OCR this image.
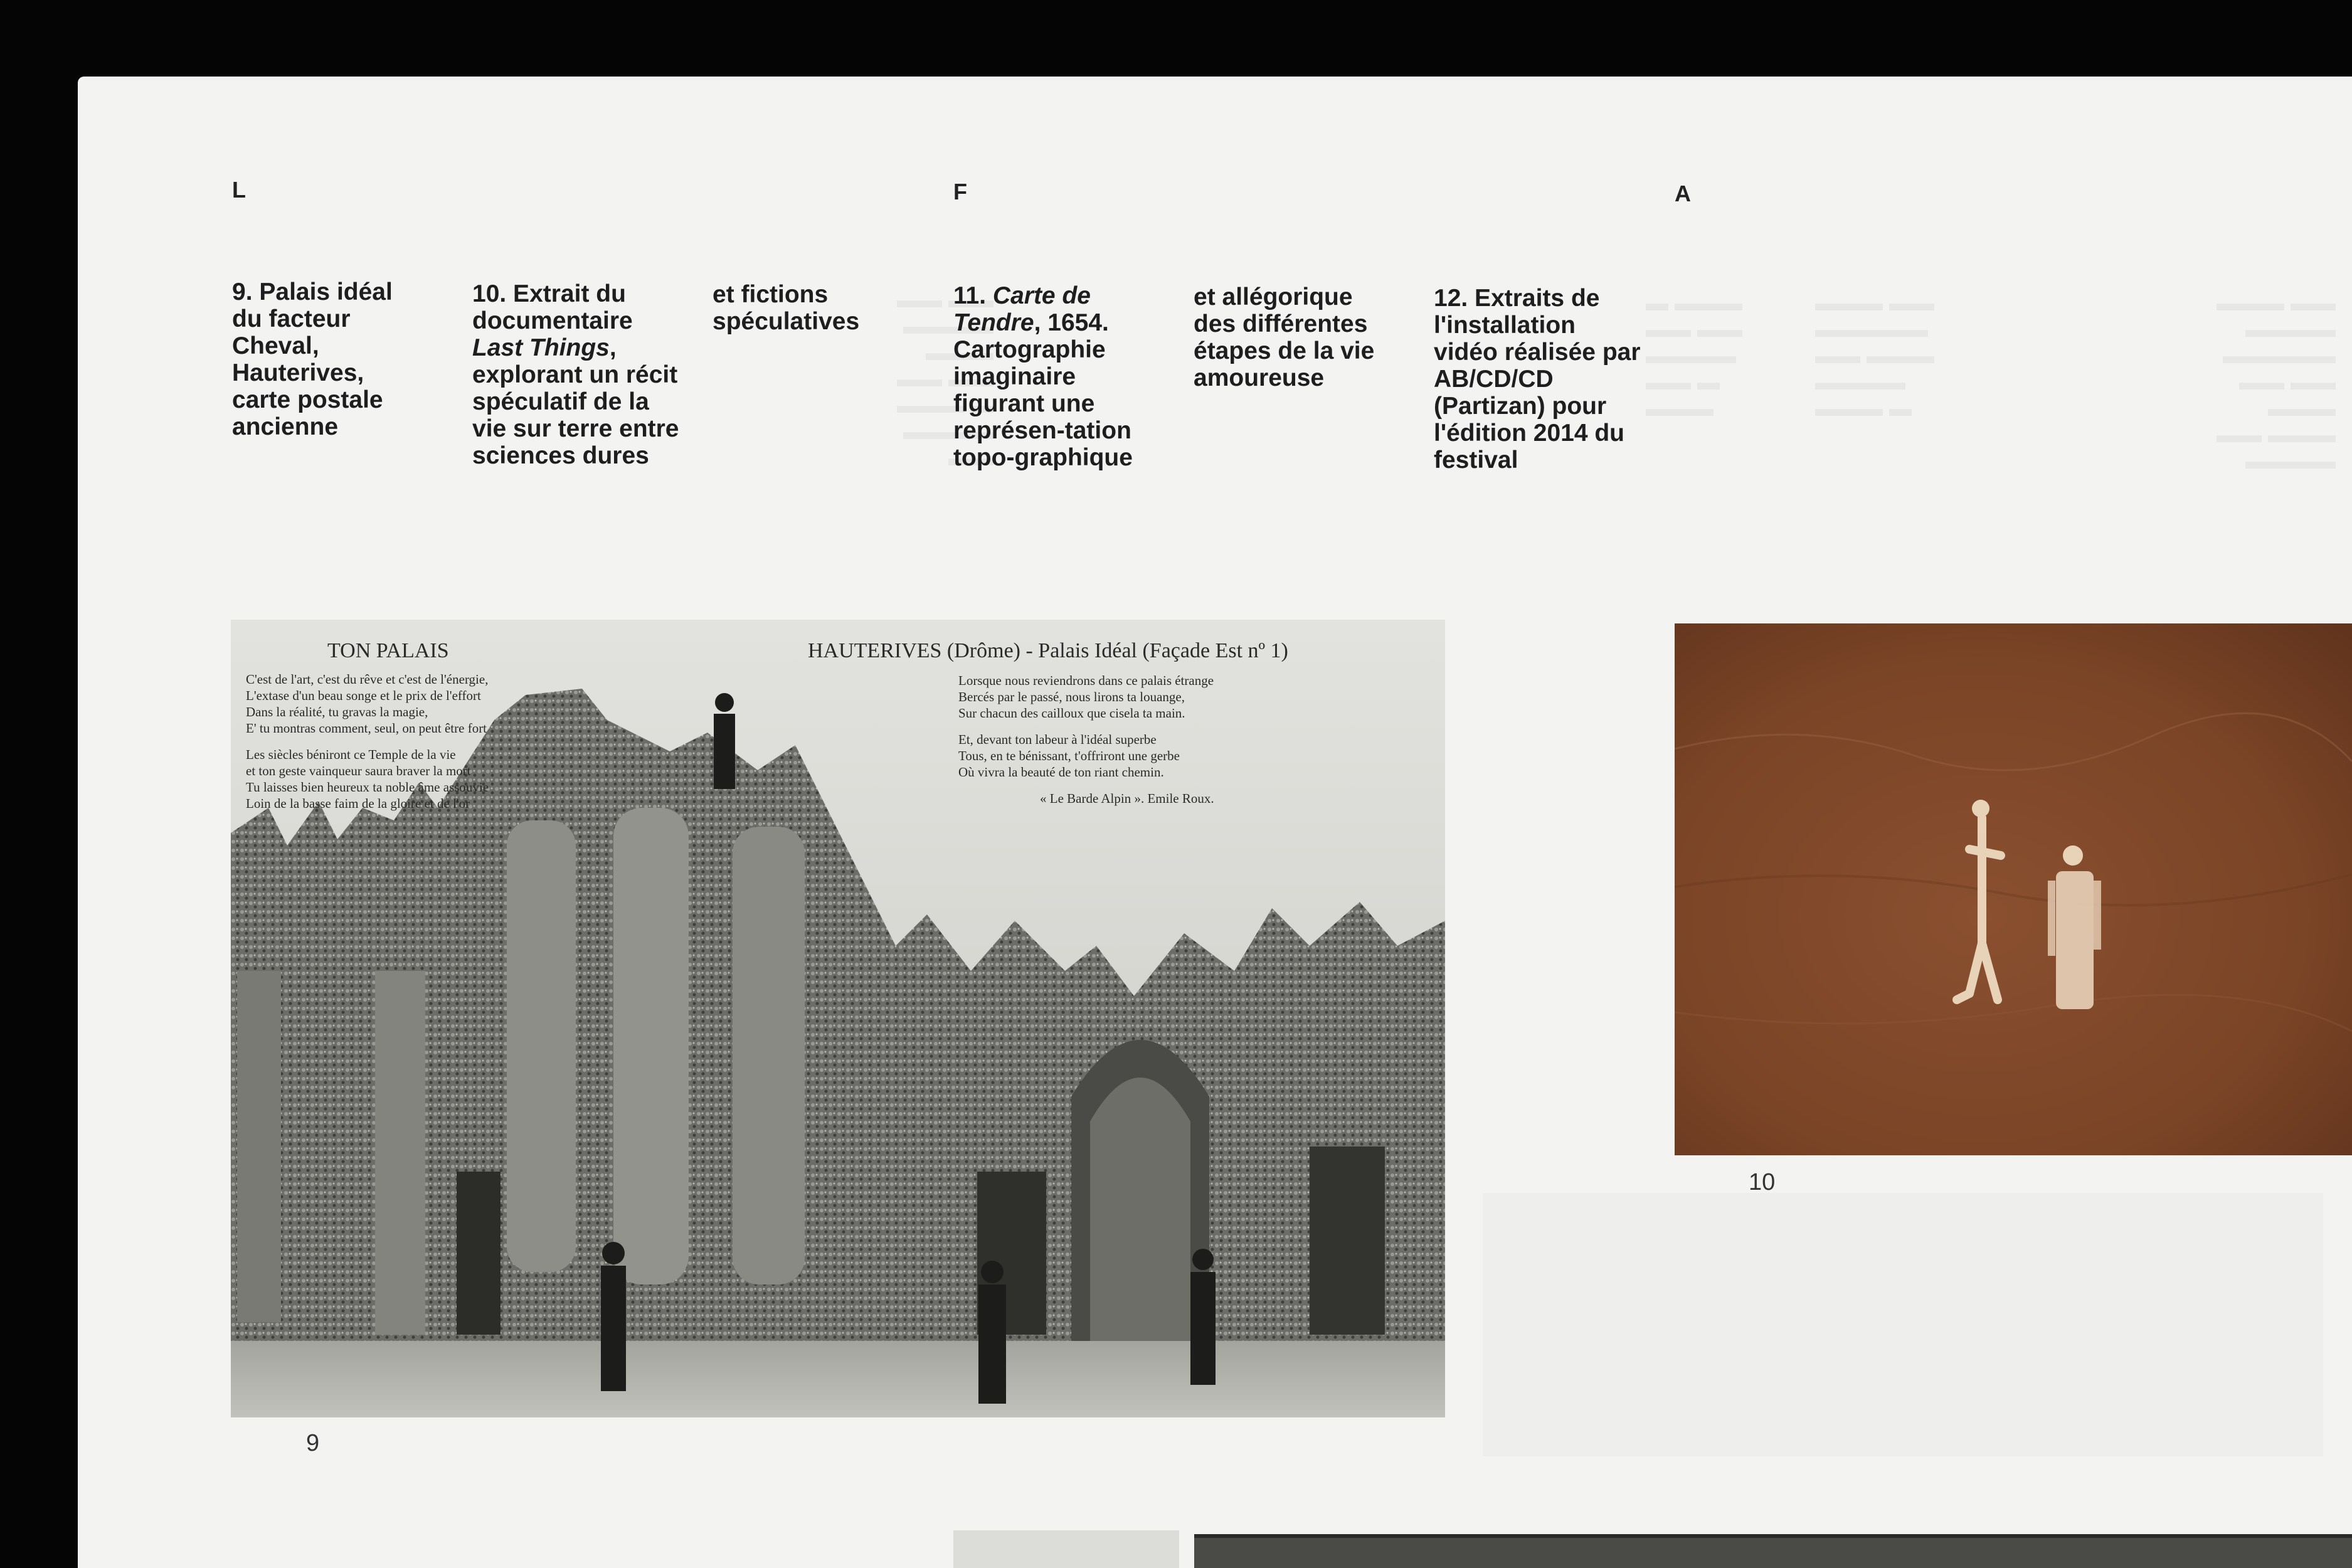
L	F	A
9. Palais idéal du facteur Cheval, Hauterives, carte postale ancienne
10. Extrait du documentaire Last Things, explorant un récit spéculatif de la vie sur terre entre sciences dures
et fictions spéculatives
11. Carte de Tendre, 1654. Cartographie imaginaire figurant une représen-tation topo-graphique
et allégorique des différentes étapes de la vie amoureuse
12. Extraits de l'installation vidéo réalisée par AB/CD/CD (Partizan) pour l'édition 2014 du festival

TON PALAIS	HAUTERIVES (Drôme) - Palais Idéal (Façade Est nº 1)
C'est de l'art, c'est du rêve et c'est de l'énergie,
L'extase d'un beau songe et le prix de l'effort
Dans la réalité, tu gravas la magie,
E' tu montras comment, seul, on peut être fort
Les siècles béniront ce Temple de la vie
et ton geste vainqueur saura braver la mort
Tu laisses bien heureux ta noble âme assouvie
Loin de la basse faim de la gloire et de l'or
Lorsque nous reviendrons dans ce palais étrange
Bercés par le passé, nous lirons ta louange,
Sur chacun des cailloux que cisela ta main.
Et, devant ton labeur à l'idéal superbe
Tous, en te bénissant, t'offriront une gerbe
Où vivra la beauté de ton riant chemin.
« Le Barde Alpin ». Emile Roux.
9
10
